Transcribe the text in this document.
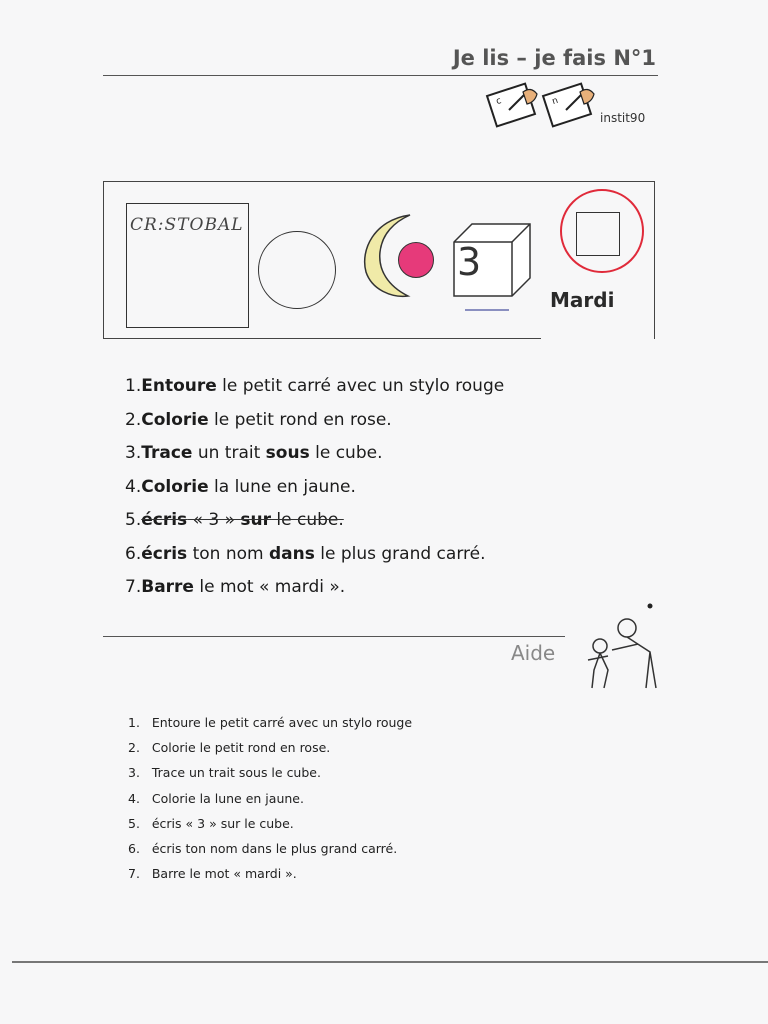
Je lis – je fais N°1
c	n
instit90
CR:STOBAL
3
Mardi
1.Entoure le petit carré avec un stylo rouge
2.Colorie le petit rond en rose.
3.Trace un trait sous le cube.
4.Colorie la lune en jaune.
5.écris « 3 » sur le cube.
6.écris ton nom dans le plus grand carré.
7.Barre le mot « mardi ».
Aide
1. Entoure le petit carré avec un stylo rouge
2. Colorie le petit rond en rose.
3. Trace un trait sous le cube.
4. Colorie la lune en jaune.
5. écris « 3 » sur le cube.
6. écris ton nom dans le plus grand carré.
7. Barre le mot « mardi ».
